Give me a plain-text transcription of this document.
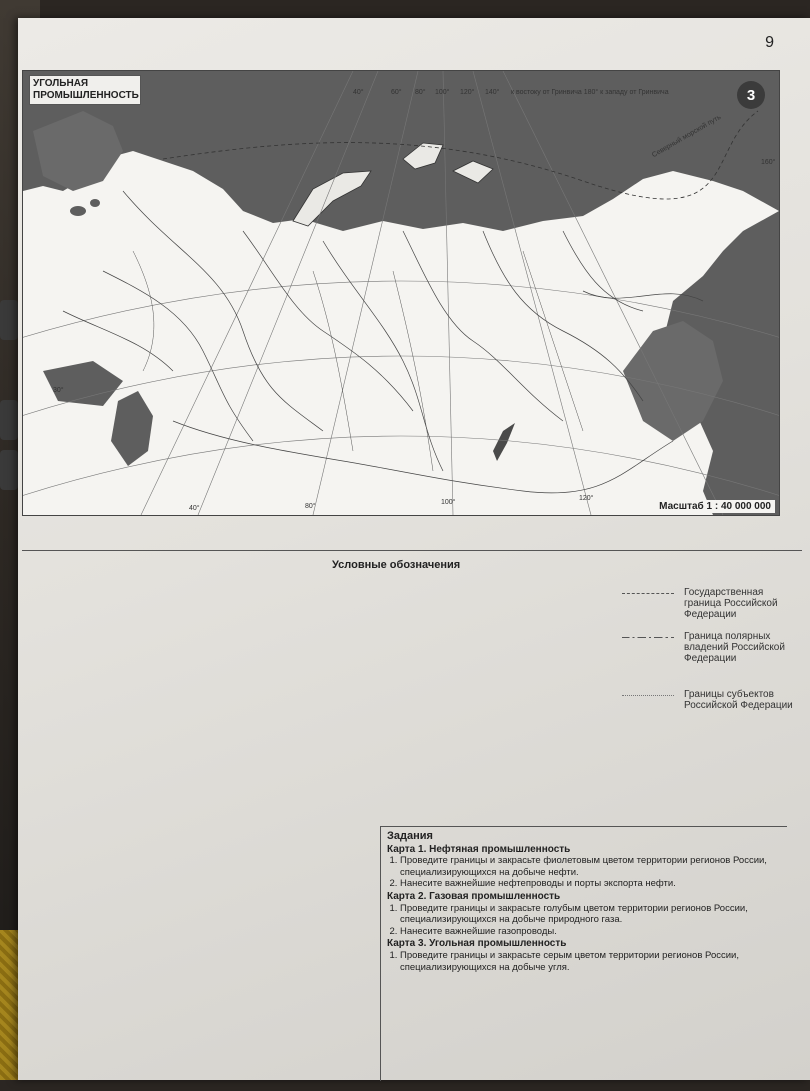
9
УГОЛЬНАЯ ПРОМЫШЛЕННОСТЬ	3
40°	60° 80° 100° 120° 140° к востоку от Гринвича 180° к западу от Гринвича
160°
30°
40°	80°
100°
120°
Северный морской путь
Масштаб 1 : 40 000 000
Условные обозначения
Государственная граница Российской Федерации
Граница полярных владений Российской Федерации
Границы субъектов Российской Федерации
Задания
Карта 1. Нефтяная промышленность
1. Проведите границы и закрасьте фиолетовым цветом территории регионов России, специализирующихся на добыче нефти.
2. Нанесите важнейшие нефтепроводы и порты экспорта нефти.
Карта 2. Газовая промышленность
1. Проведите границы и закрасьте голубым цветом территории регионов России, специализирующихся на добыче природного газа.
2. Нанесите важнейшие газопроводы.
Карта 3. Угольная промышленность
1. Проведите границы и закрасьте серым цветом территории регионов России, специализирующихся на добыче угля.
